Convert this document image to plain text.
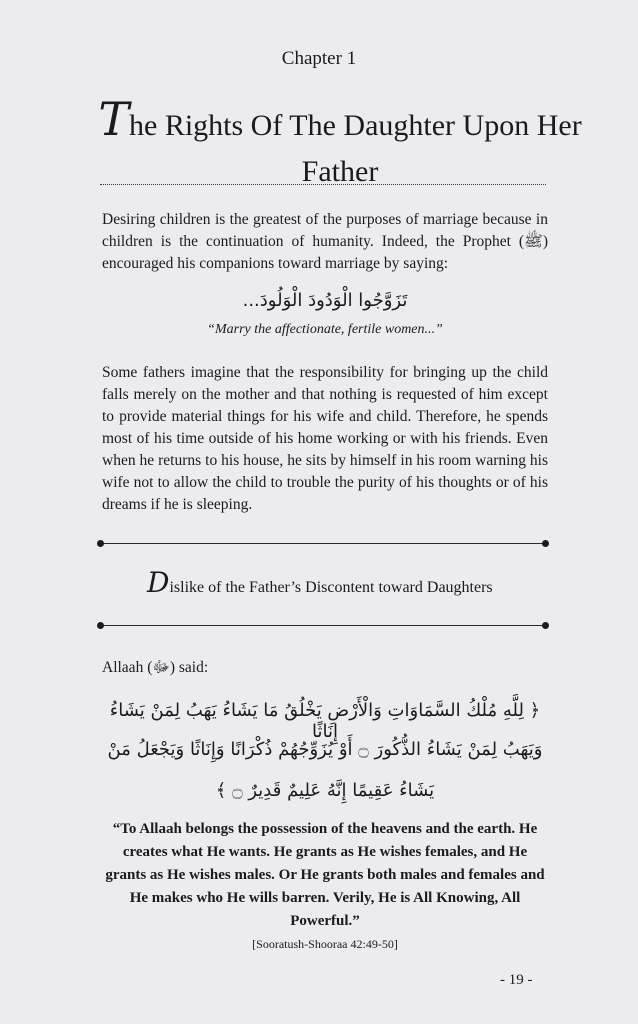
Chapter 1
The Rights Of The Daughter Upon Her Father
Desiring children is the greatest of the purposes of marriage because in children is the continuation of humanity. Indeed, the Prophet (ﷺ) encouraged his companions toward marriage by saying:
تَزَوَّجُوا الْوَدُودَ الْوَلُودَ...
“Marry the affectionate, fertile women...”
Some fathers imagine that the responsibility for bringing up the child falls merely on the mother and that nothing is requested of him except to provide material things for his wife and child. Therefore, he spends most of his time outside of his home working or with his friends. Even when he returns to his house, he sits by himself in his room warning his wife not to allow the child to trouble the purity of his thoughts or of his dreams if he is sleeping.
Dislike of the Father’s Discontent toward Daughters
Allaah (ﷻ) said:
﴿ لِلَّهِ مُلْكُ السَّمَاوَاتِ وَالْأَرْضِ يَخْلُقُ مَا يَشَاءُ يَهَبُ لِمَنْ يَشَاءُ إِنَاثًا
وَيَهَبُ لِمَنْ يَشَاءُ الذُّكُورَ ۝ أَوْ يُزَوِّجُهُمْ ذُكْرَانًا وَإِنَاثًا وَيَجْعَلُ مَنْ
يَشَاءُ عَقِيمًا إِنَّهُ عَلِيمٌ قَدِيرٌ ۝ ﴾
“To Allaah belongs the possession of the heavens and the earth. He creates what He wants. He grants as He wishes females, and He grants as He wishes males. Or He grants both males and females and He makes who He wills barren. Verily, He is All Knowing, All Powerful.”
[Sooratush-Shooraa 42:49-50]
- 19 -
